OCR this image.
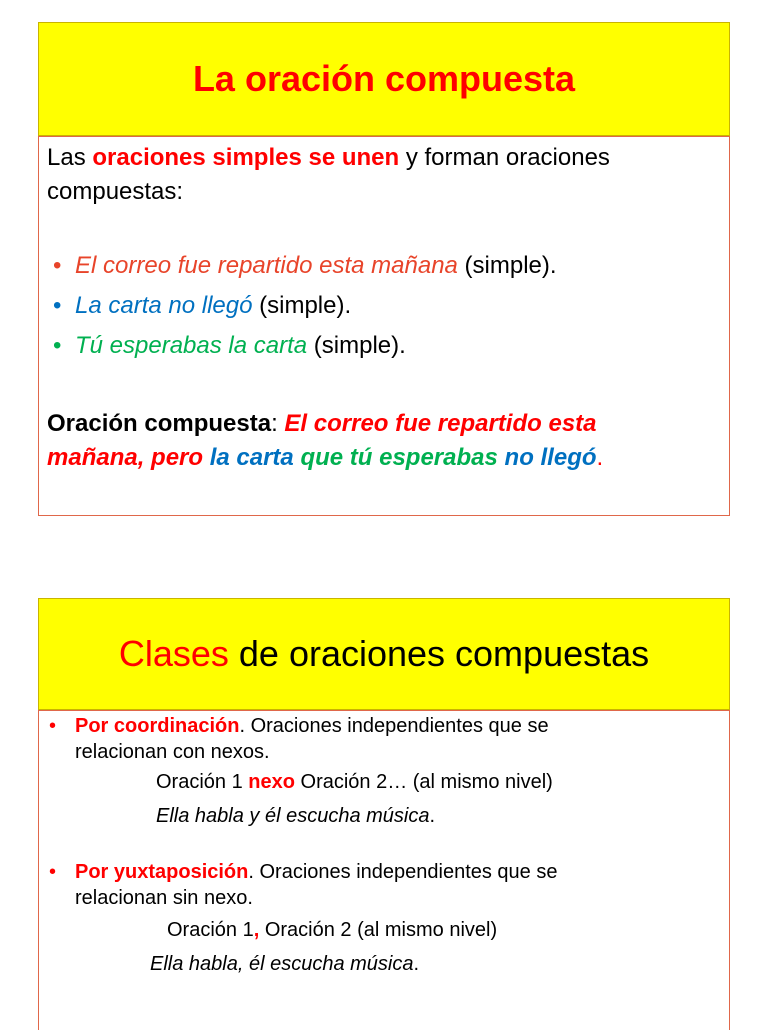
La oración compuesta
Las oraciones simples se unen y forman oraciones
compuestas:
• El correo fue repartido esta mañana (simple).
• La carta no llegó (simple).
• Tú esperabas la carta (simple).
Oración compuesta: El correo fue repartido esta
mañana, pero la carta que tú esperabas no llegó.
Clases de oraciones compuestas
• Por coordinación. Oraciones independientes que se
relacionan con nexos.
Oración 1 nexo Oración 2… (al mismo nivel)
Ella habla y él escucha música.
• Por yuxtaposición. Oraciones independientes que se
relacionan sin nexo.
Oración 1, Oración 2 (al mismo nivel)
Ella habla, él escucha música.
